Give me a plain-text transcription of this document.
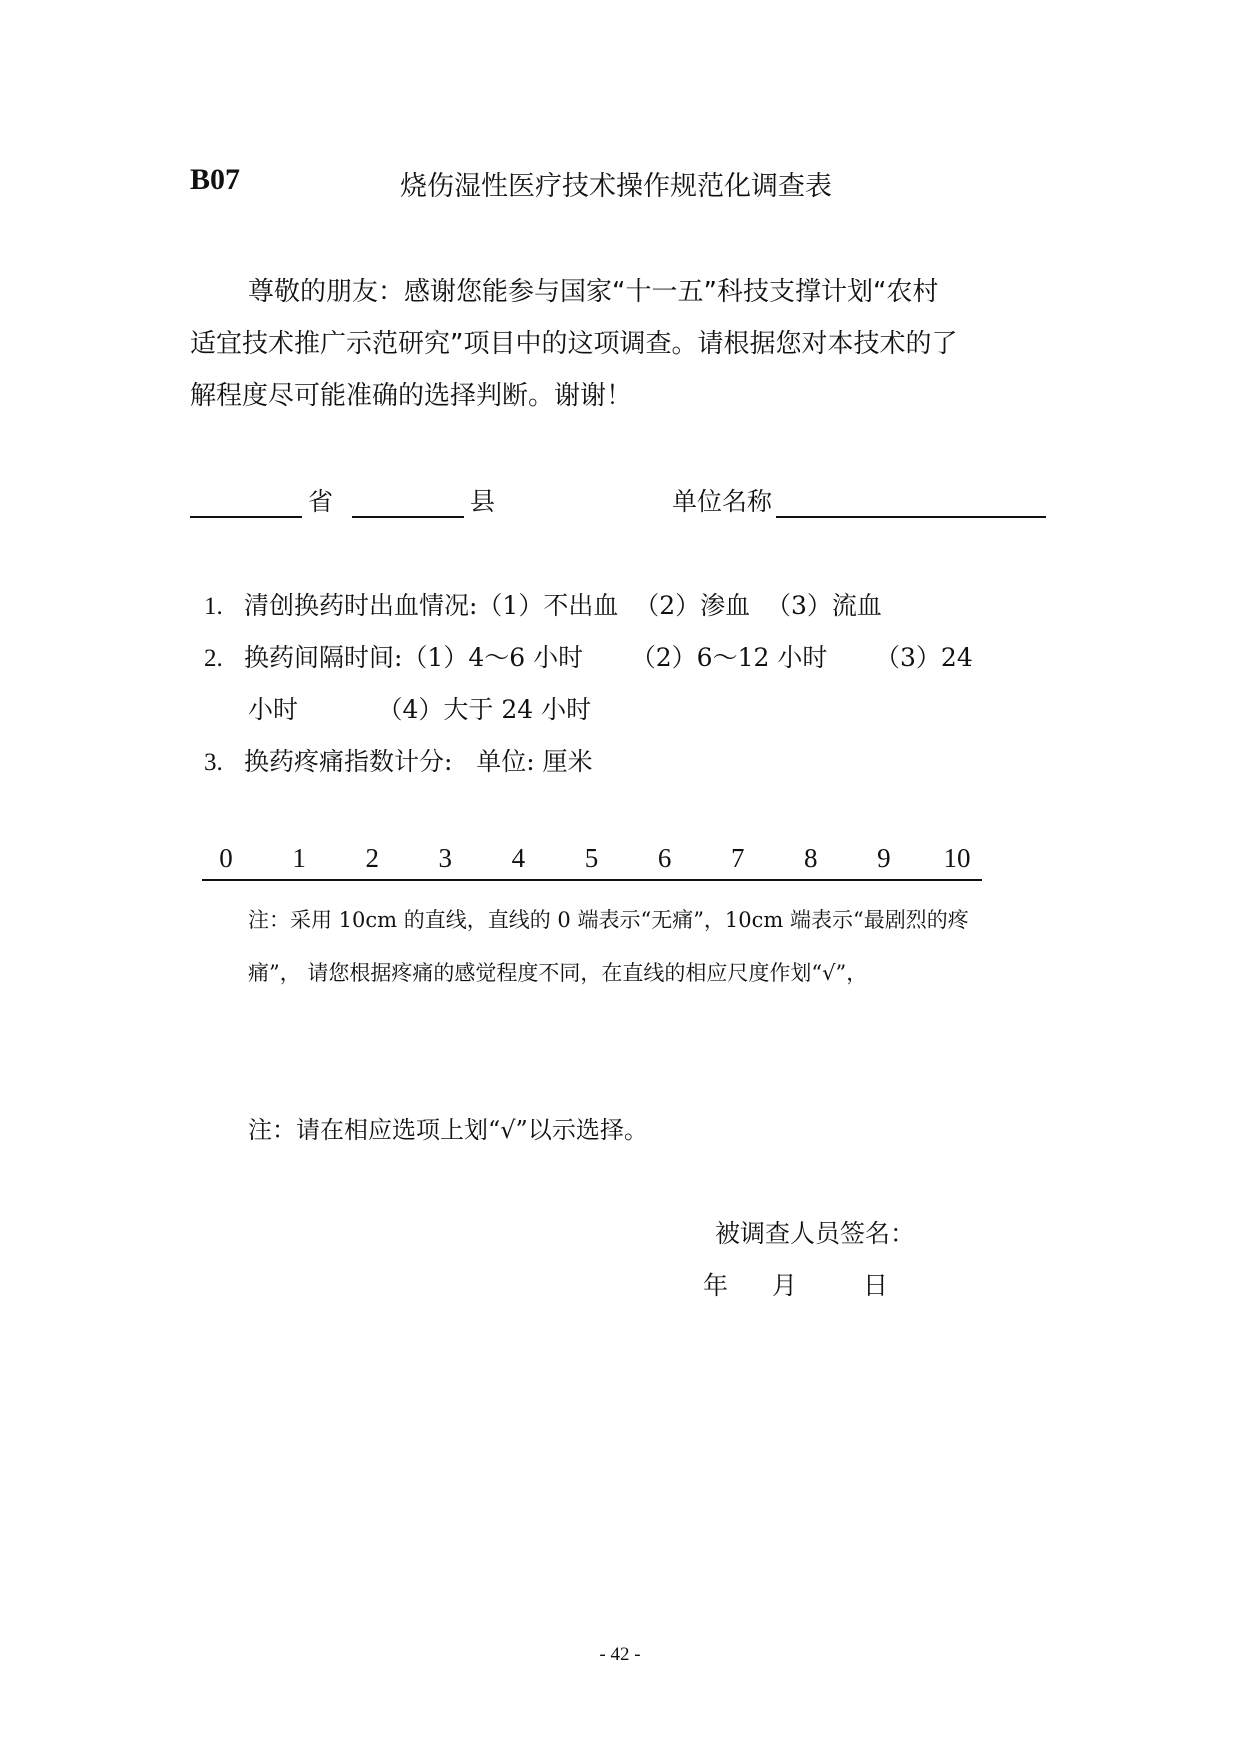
B07	烧伤湿性医疗技术操作规范化调查表
尊敬的朋友：感谢您能参与国家“十一五”科技支撑计划“农村
适宜技术推广示范研究”项目中的这项调查。请根据您对本技术的了
解程度尽可能准确的选择判断。谢谢！
省	县	单位名称
1. 清创换药时出血情况:（1）不出血  （2）渗血  （3）流血
2. 换药间隔时间:（1）4～6 小时      （2）6～12 小时      （3）24
小时          （4）大于 24 小时
3. 换药疼痛指数计分:   单位: 厘米
0 1 2 3 4 5 6 7 8 9 10
注：采用 10cm 的直线，直线的 0 端表示“无痛”，10cm 端表示“最剧烈的疼
痛”， 请您根据疼痛的感觉程度不同，在直线的相应尺度作划“√”，
注：请在相应选项上划“√”以示选择。
被调查人员签名：
年 月	日
- 42 -
